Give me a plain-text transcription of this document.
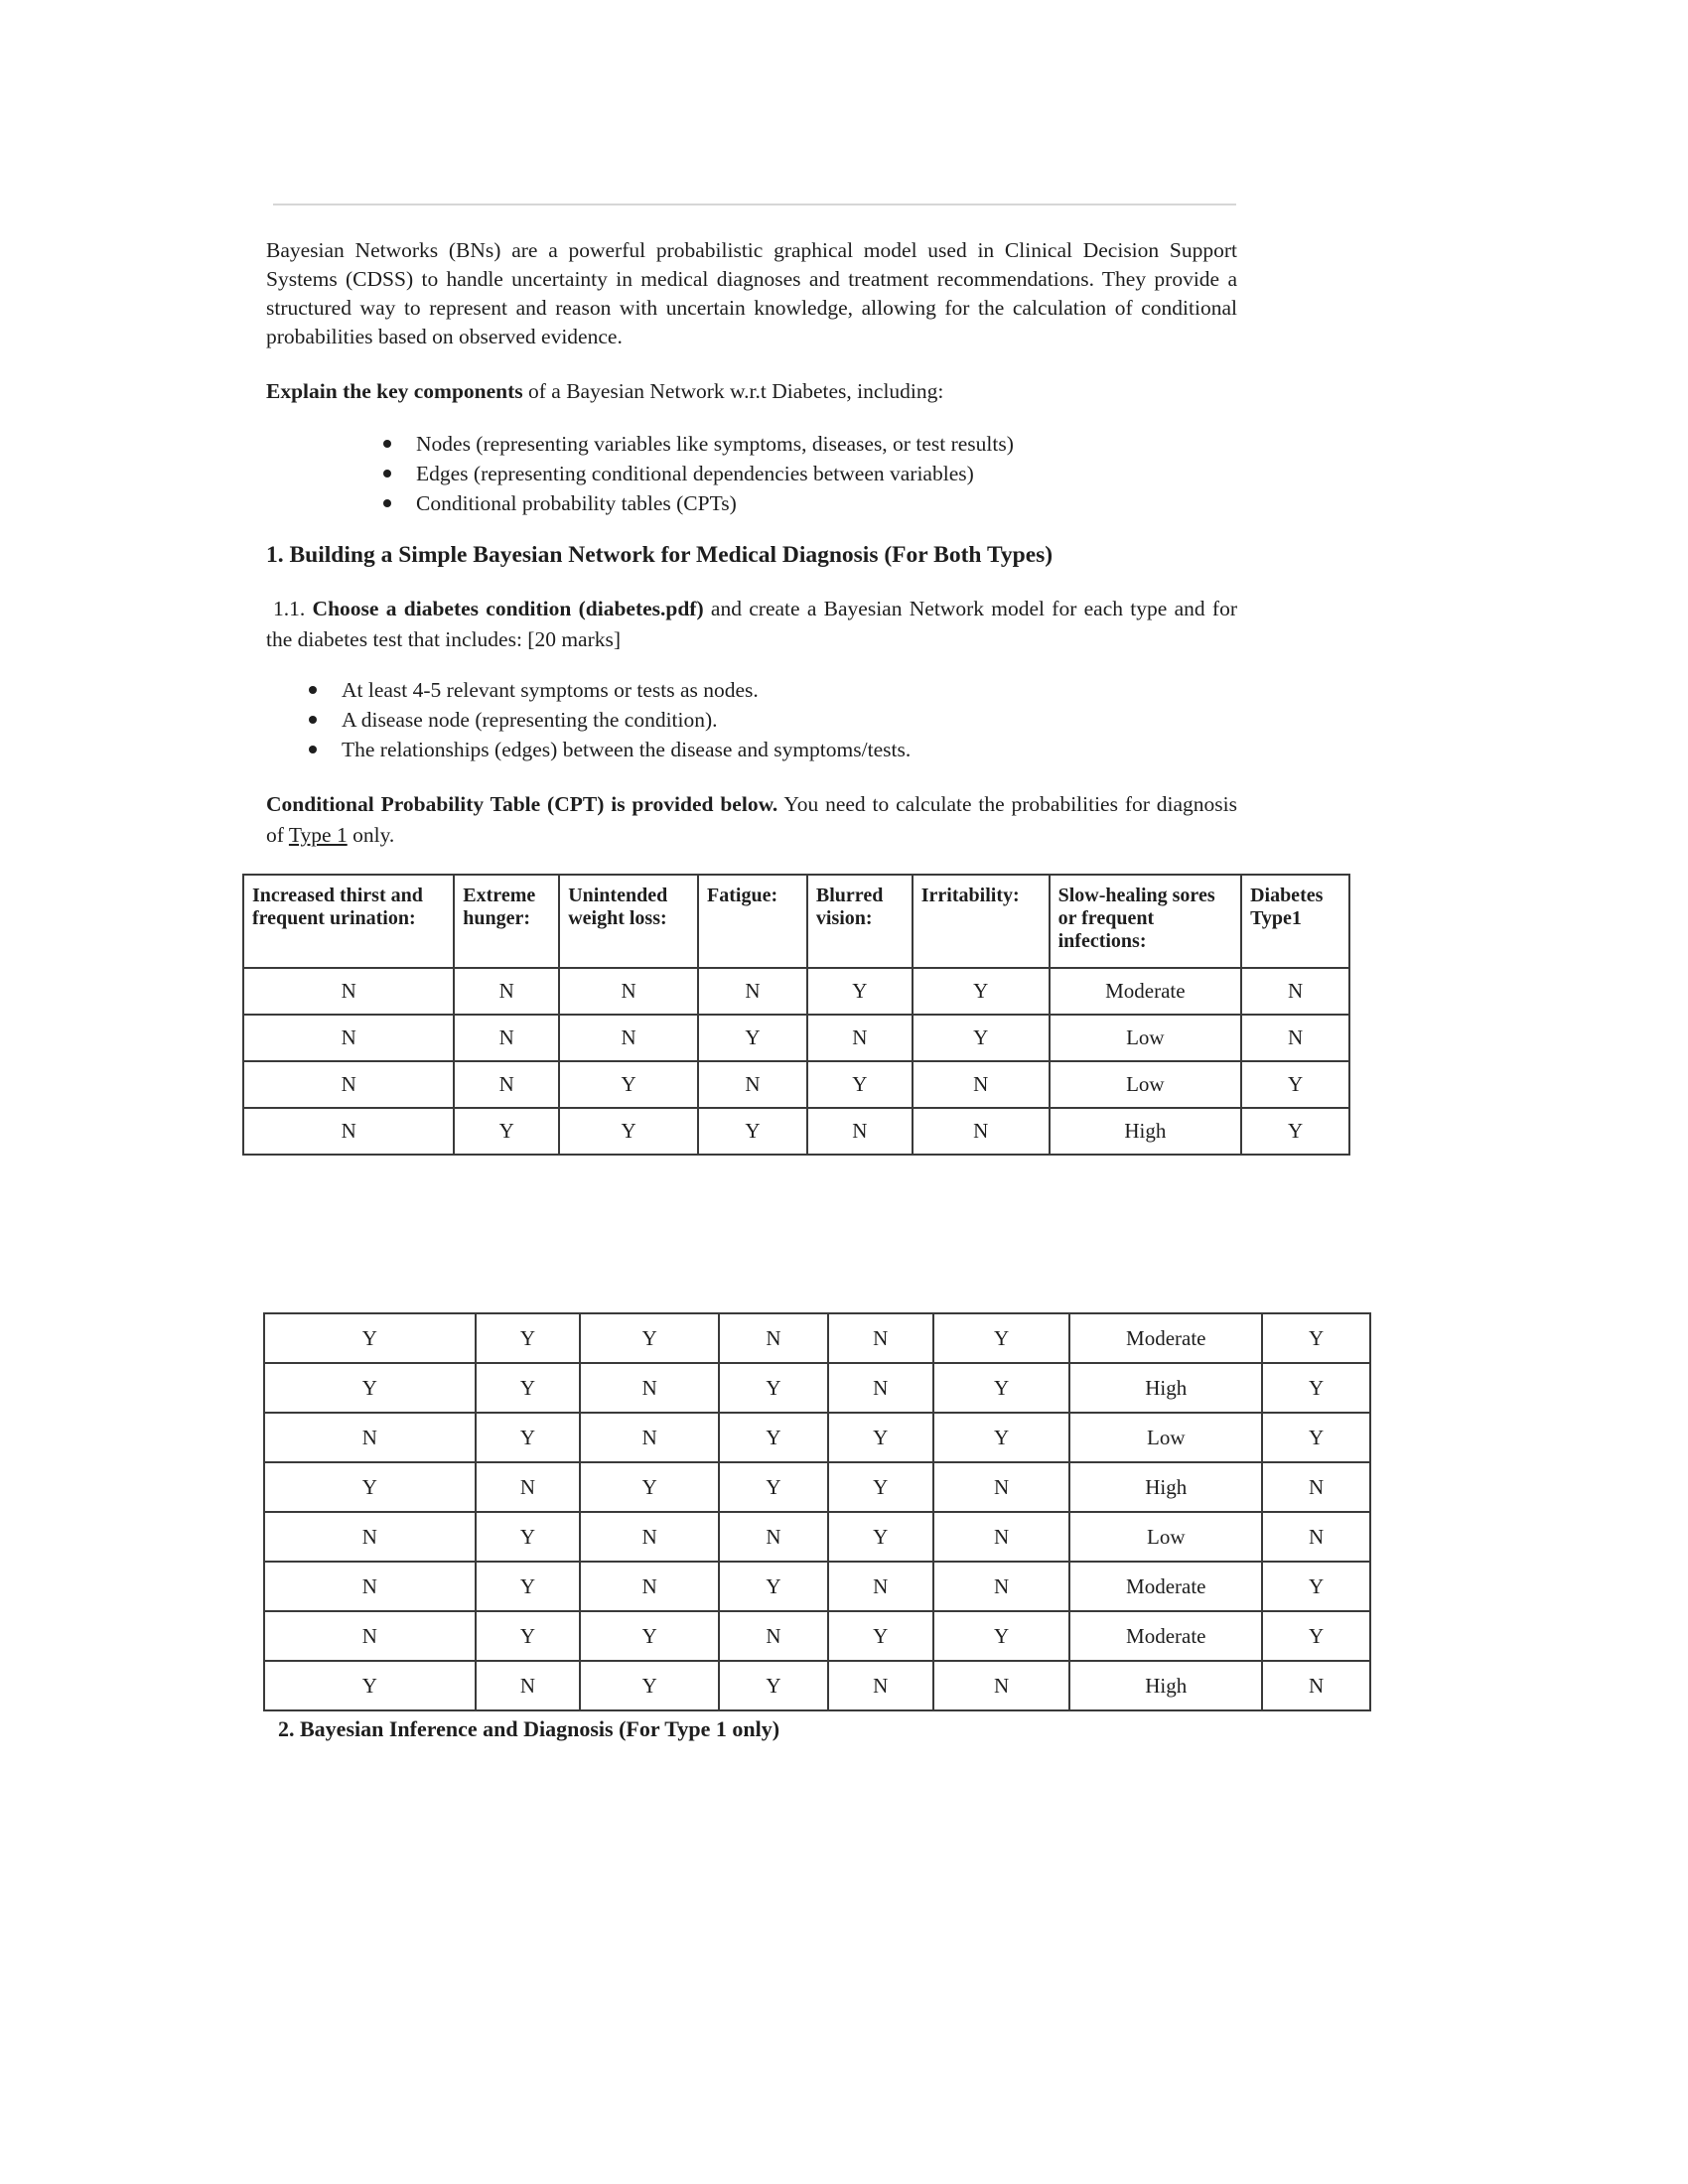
Bayesian Networks (BNs) are a powerful probabilistic graphical model used in Clinical Decision Support Systems (CDSS) to handle uncertainty in medical diagnoses and treatment recommendations. They provide a structured way to represent and reason with uncertain knowledge, allowing for the calculation of conditional probabilities based on observed evidence.

Explain the key components of a Bayesian Network w.r.t Diabetes, including:

Nodes (representing variables like symptoms, diseases, or test results)
Edges (representing conditional dependencies between variables)
Conditional probability tables (CPTs)

1. Building a Simple Bayesian Network for Medical Diagnosis (For Both Types)

1.1. Choose a diabetes condition (diabetes.pdf) and create a Bayesian Network model for each type and for the diabetes test that includes: [20 marks]

At least 4-5 relevant symptoms or tests as nodes.
A disease node (representing the condition).
The relationships (edges) between the disease and symptoms/tests.

Conditional Probability Table (CPT) is provided below. You need to calculate the probabilities for diagnosis of Type 1 only.

Increased thirst and frequent urination:	Extreme hunger:	Unintended weight loss:	Fatigue:	Blurred vision:	Irritability:	Slow-healing sores or frequent infections:	Diabetes Type1
N	N	N	N	Y	Y	Moderate	N
N	N	N	Y	N	Y	Low	N
N	N	Y	N	Y	N	Low	Y
N	Y	Y	Y	N	N	High	Y
Y	Y	Y	N	N	Y	Moderate	Y
Y	Y	N	Y	N	Y	High	Y
N	Y	N	Y	Y	Y	Low	Y
Y	N	Y	Y	Y	N	High	N
N	Y	N	N	Y	N	Low	N
N	Y	N	Y	N	N	Moderate	Y
N	Y	Y	N	Y	Y	Moderate	Y
Y	N	Y	Y	N	N	High	N
2. Bayesian Inference and Diagnosis (For Type 1 only)
